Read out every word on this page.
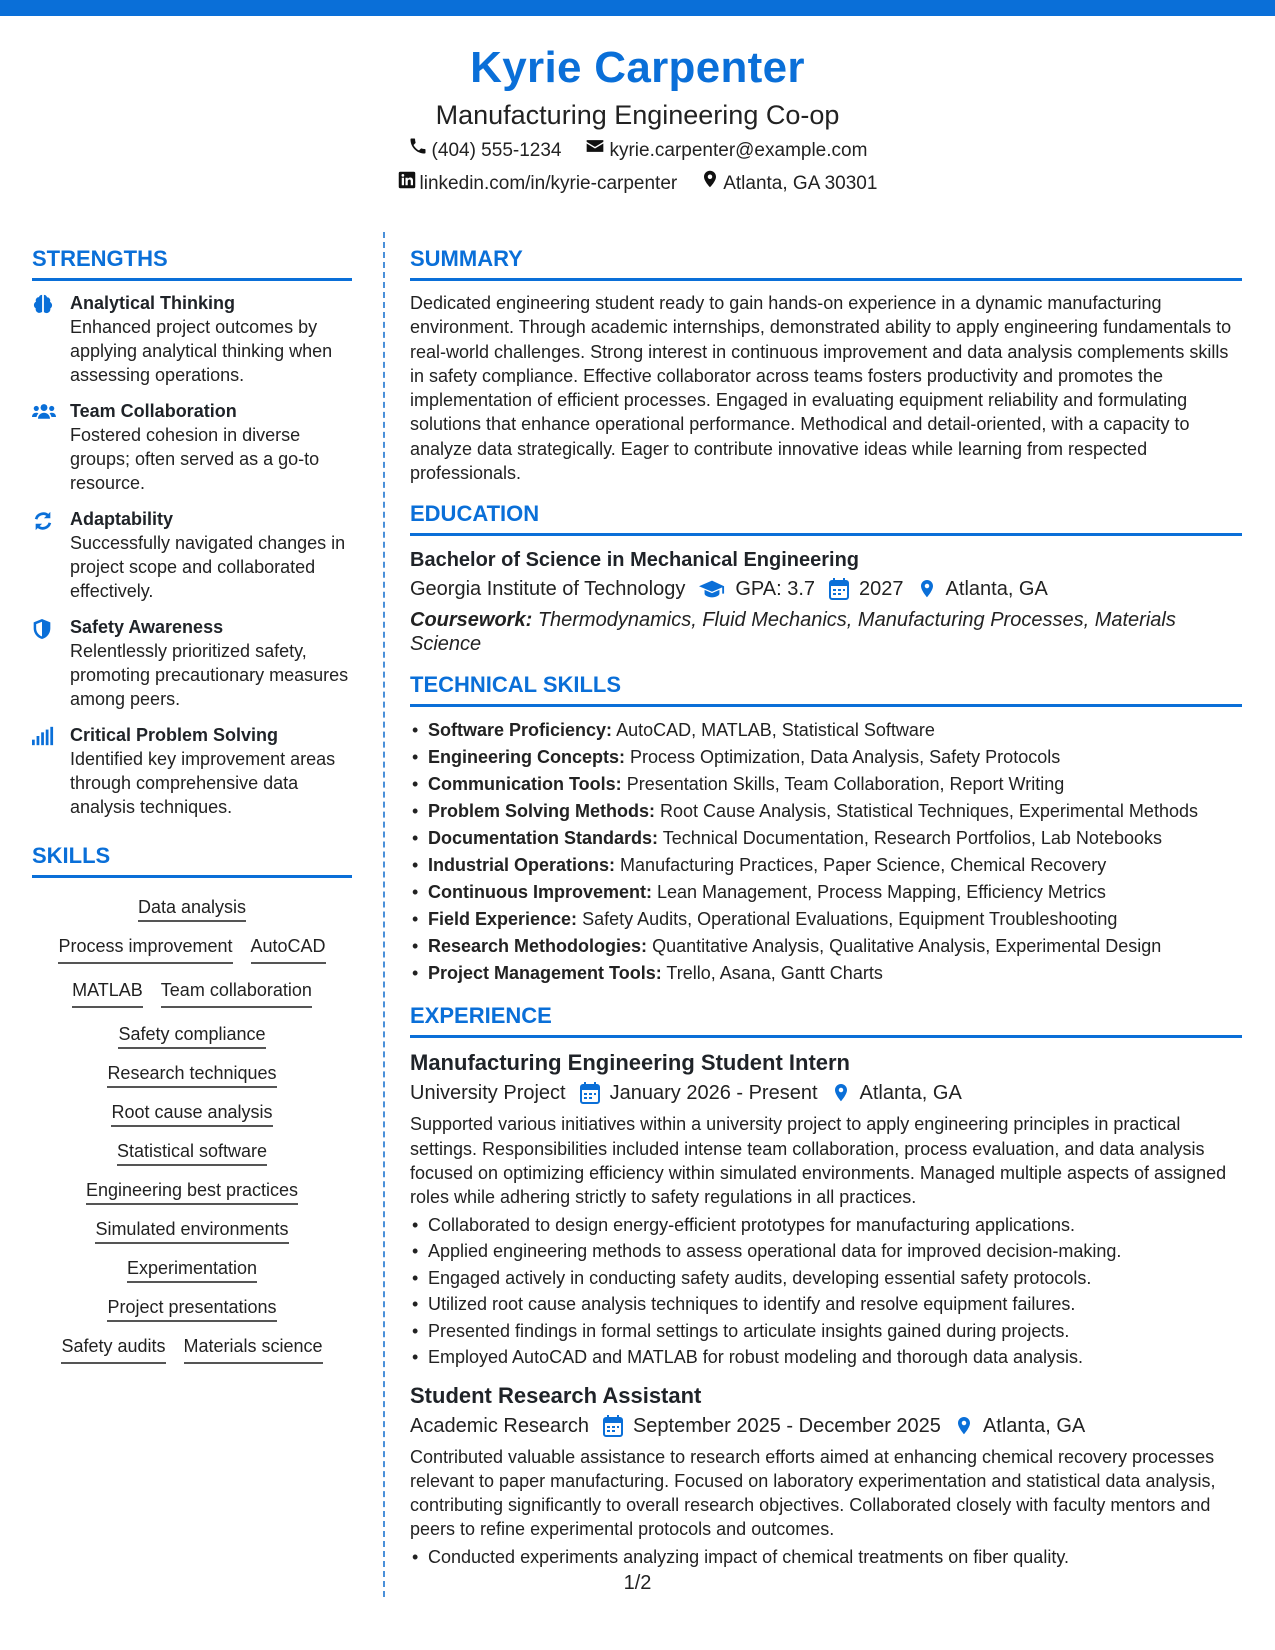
Kyrie Carpenter
Manufacturing Engineering Co-op
(404) 555-1234	kyrie.carpenter@example.com
linkedin.com/in/kyrie-carpenter Atlanta, GA 30301
STRENGTHS
Analytical Thinking
Enhanced project outcomes by applying analytical thinking when assessing operations.
Team Collaboration
Fostered cohesion in diverse groups; often served as a go-to resource.
Adaptability
Successfully navigated changes in project scope and collaborated effectively.
Safety Awareness
Relentlessly prioritized safety, promoting precautionary measures among peers.
Critical Problem Solving
Identified key improvement areas through comprehensive data analysis techniques.
SKILLS
Data analysis
Process improvement AutoCAD
MATLAB Team collaboration
Safety compliance
Research techniques
Root cause analysis
Statistical software
Engineering best practices
Simulated environments
Experimentation
Project presentations
Safety audits Materials science
SUMMARY
Dedicated engineering student ready to gain hands-on experience in a dynamic manufacturing environment. Through academic internships, demonstrated ability to apply engineering fundamentals to real-world challenges. Strong interest in continuous improvement and data analysis complements skills in safety compliance. Effective collaborator across teams fosters productivity and promotes the implementation of efficient processes. Engaged in evaluating equipment reliability and formulating solutions that enhance operational performance. Methodical and detail-oriented, with a capacity to analyze data strategically. Eager to contribute innovative ideas while learning from respected professionals.
EDUCATION
Bachelor of Science in Mechanical Engineering
Georgia Institute of Technology	GPA: 3.7 2027 Atlanta, GA
Coursework: Thermodynamics, Fluid Mechanics, Manufacturing Processes, Materials Science
TECHNICAL SKILLS
• Software Proficiency: AutoCAD, MATLAB, Statistical Software
• Engineering Concepts: Process Optimization, Data Analysis, Safety Protocols
• Communication Tools: Presentation Skills, Team Collaboration, Report Writing
• Problem Solving Methods: Root Cause Analysis, Statistical Techniques, Experimental Methods
• Documentation Standards: Technical Documentation, Research Portfolios, Lab Notebooks
• Industrial Operations: Manufacturing Practices, Paper Science, Chemical Recovery
• Continuous Improvement: Lean Management, Process Mapping, Efficiency Metrics
• Field Experience: Safety Audits, Operational Evaluations, Equipment Troubleshooting
• Research Methodologies: Quantitative Analysis, Qualitative Analysis, Experimental Design
• Project Management Tools: Trello, Asana, Gantt Charts
EXPERIENCE
Manufacturing Engineering Student Intern
University Project January 2026 - Present Atlanta, GA
Supported various initiatives within a university project to apply engineering principles in practical settings. Responsibilities included intense team collaboration, process evaluation, and data analysis focused on optimizing efficiency within simulated environments. Managed multiple aspects of assigned roles while adhering strictly to safety regulations in all practices.
• Collaborated to design energy-efficient prototypes for manufacturing applications.
• Applied engineering methods to assess operational data for improved decision-making.
• Engaged actively in conducting safety audits, developing essential safety protocols.
• Utilized root cause analysis techniques to identify and resolve equipment failures.
• Presented findings in formal settings to articulate insights gained during projects.
• Employed AutoCAD and MATLAB for robust modeling and thorough data analysis.
Student Research Assistant
Academic Research September 2025 - December 2025 Atlanta, GA
Contributed valuable assistance to research efforts aimed at enhancing chemical recovery processes relevant to paper manufacturing. Focused on laboratory experimentation and statistical data analysis, contributing significantly to overall research objectives. Collaborated closely with faculty mentors and peers to refine experimental protocols and outcomes.
• Conducted experiments analyzing impact of chemical treatments on fiber quality.
1/2
